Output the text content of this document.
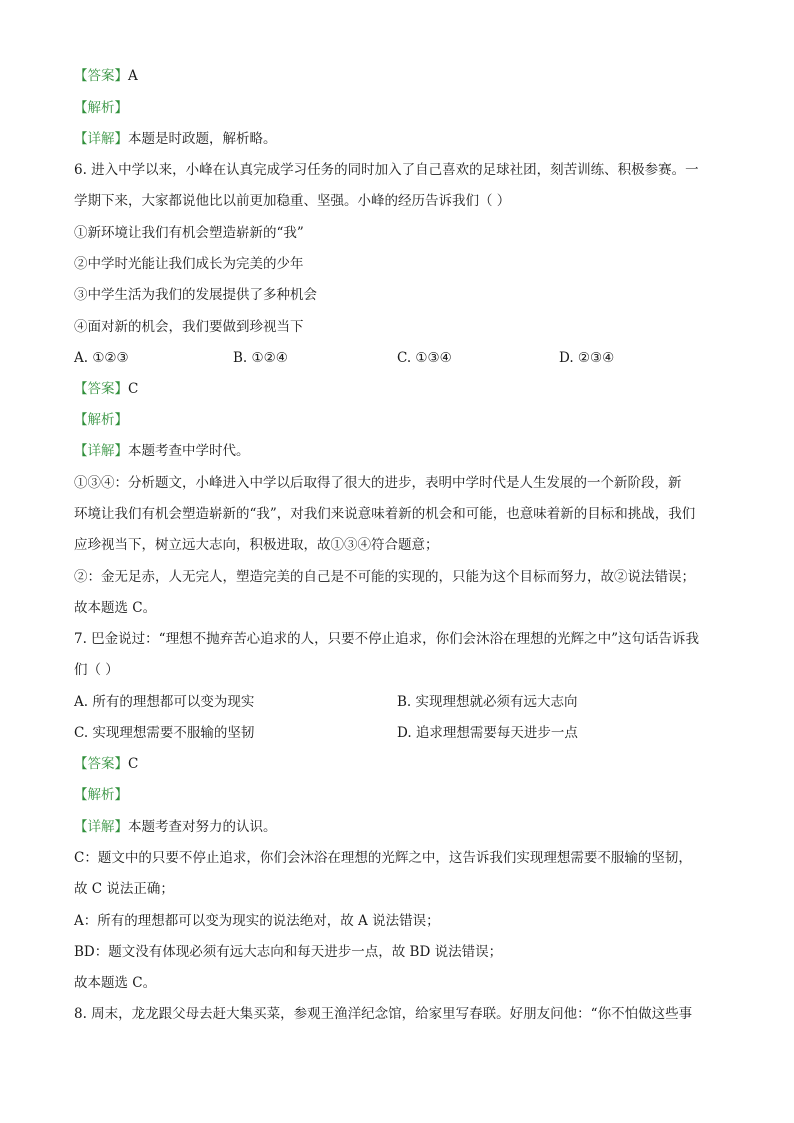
【答案】A
【解析】
【详解】本题是时政题，解析略。
6. 进入中学以来，小峰在认真完成学习任务的同时加入了自己喜欢的足球社团，刻苦训练、积极参赛。一
学期下来，大家都说他比以前更加稳重、坚强。小峰的经历告诉我们（ ）
①新环境让我们有机会塑造崭新的“我”
②中学时光能让我们成长为完美的少年
③中学生活为我们的发展提供了多种机会
④面对新的机会，我们要做到珍视当下
A. ①②③	B. ①②④	C. ①③④	D. ②③④
【答案】C
【解析】
【详解】本题考查中学时代。
①③④：分析题文，小峰进入中学以后取得了很大的进步，表明中学时代是人生发展的一个新阶段，新
环境让我们有机会塑造崭新的“我”，对我们来说意味着新的机会和可能，也意味着新的目标和挑战，我们
应珍视当下，树立远大志向，积极进取，故①③④符合题意；
②：金无足赤，人无完人，塑造完美的自己是不可能的实现的，只能为这个目标而努力，故②说法错误；
故本题选 C。
7. 巴金说过：“理想不抛弃苦心追求的人，只要不停止追求，你们会沐浴在理想的光辉之中”这句话告诉我
们（ ）
A. 所有的理想都可以变为现实	B. 实现理想就必须有远大志向
C. 实现理想需要不服输的坚韧	D. 追求理想需要每天进步一点
【答案】C
【解析】
【详解】本题考查对努力的认识。
C：题文中的只要不停止追求，你们会沐浴在理想的光辉之中，这告诉我们实现理想需要不服输的坚韧，
故 C 说法正确；
A：所有的理想都可以变为现实的说法绝对，故 A 说法错误；
BD：题文没有体现必须有远大志向和每天进步一点，故 BD 说法错误；
故本题选 C。
8. 周末，龙龙跟父母去赶大集买菜，参观王渔洋纪念馆，给家里写春联。好朋友问他：“你不怕做这些事
